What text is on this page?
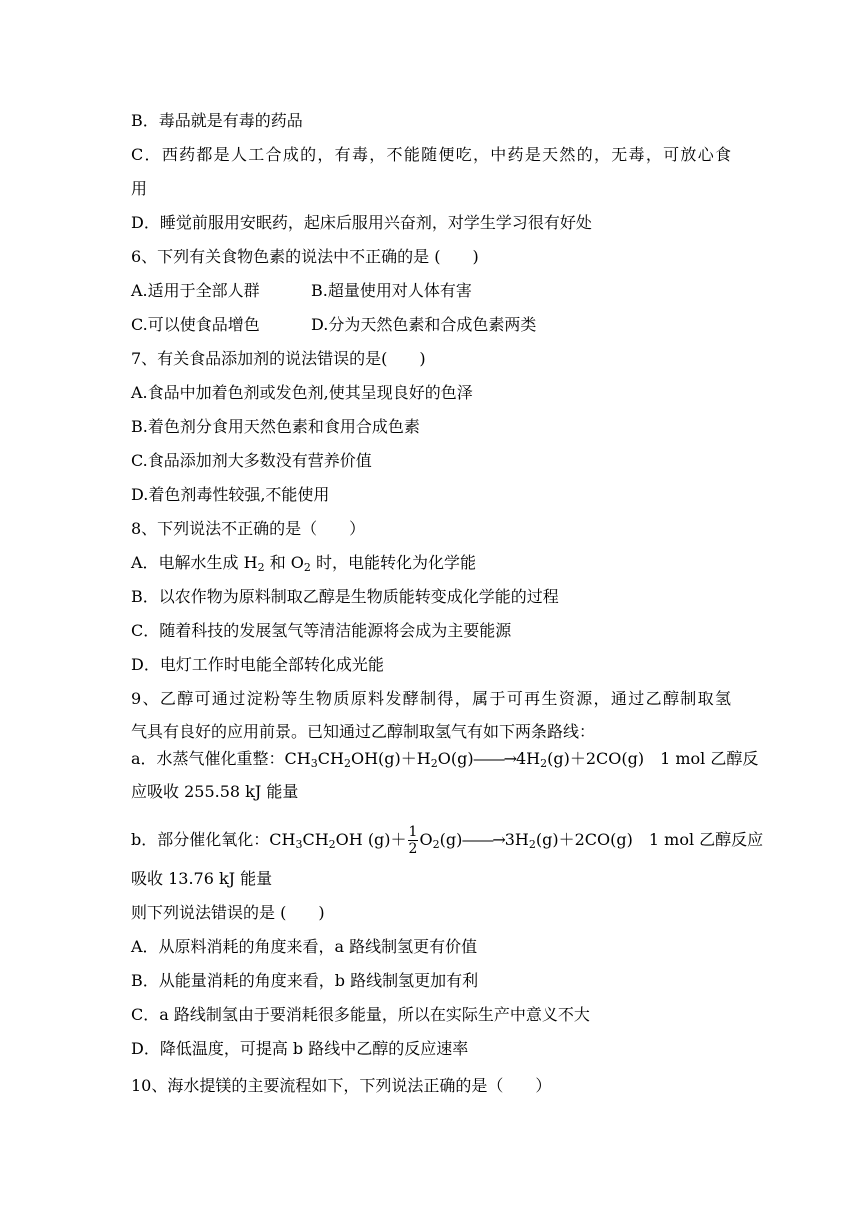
B．毒品就是有毒的药品
C．西药都是人工合成的，有毒，不能随便吃，中药是天然的，无毒，可放心食
用
D．睡觉前服用安眠药，起床后服用兴奋剂，对学生学习很有好处
6、下列有关食物色素的说法中不正确的是 (　　)
A.适用于全部人群	B.超量使用对人体有害
C.可以使食品增色	D.分为天然色素和合成色素两类
7、有关食品添加剂的说法错误的是(　　)
A.食品中加着色剂或发色剂,使其呈现良好的色泽
B.着色剂分食用天然色素和食用合成色素
C.食品添加剂大多数没有营养价值
D.着色剂毒性较强,不能使用
8、下列说法不正确的是（　　）
A．电解水生成 $H_2$ 和 $O_2$ 时，电能转化为化学能
B．以农作物为原料制取乙醇是生物质能转变成化学能的过程
C．随着科技的发展氢气等清洁能源将会成为主要能源
D．电灯工作时电能全部转化成光能
9、乙醇可通过淀粉等生物质原料发酵制得，属于可再生资源，通过乙醇制取氢
气具有良好的应用前景。已知通过乙醇制取氢气有如下两条路线：
a．水蒸气催化重整：$CH_3CH_2OH(g)+H_2O(g)――\to 4H_2(g)+2CO(g)$　1 mol 乙醇反
应吸收 255.58 kJ 能量
b．部分催化氧化：$CH_3CH_2OH$ $(g)+ \frac{1}{2}$ $O_2(g)――\to 3H_2(g)+2CO(g)$　1 mol 乙醇反应
吸收 13.76 kJ 能量
则下列说法错误的是 (　　)
A．从原料消耗的角度来看，a 路线制氢更有价值
B．从能量消耗的角度来看，b 路线制氢更加有利
C．a 路线制氢由于要消耗很多能量，所以在实际生产中意义不大
D．降低温度，可提高 b 路线中乙醇的反应速率
10、海水提镁的主要流程如下，下列说法正确的是（　　）
